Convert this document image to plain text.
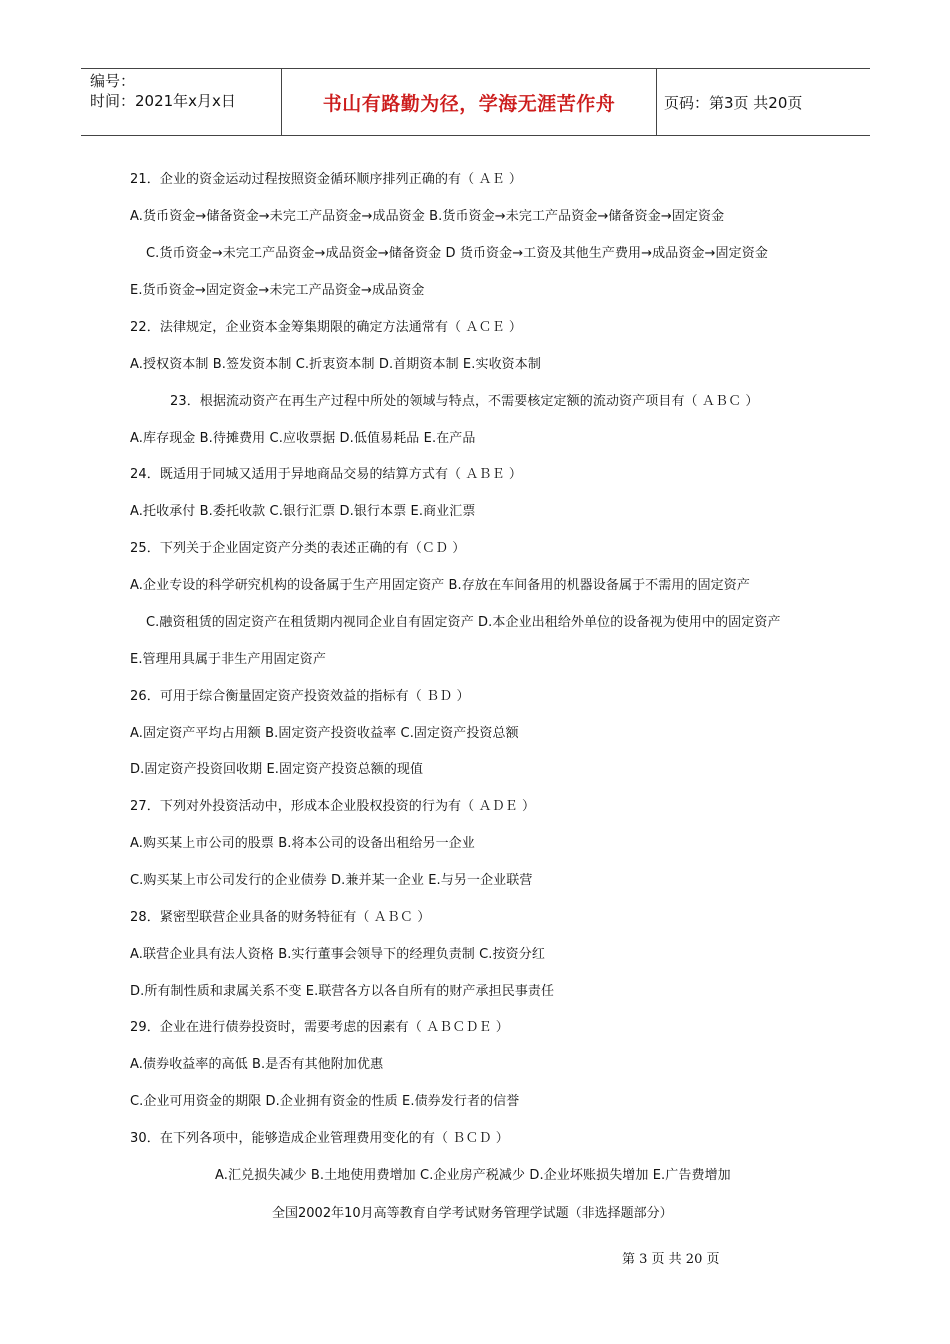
编号：
时间：2021年x月x日	书山有路勤为径，学海无涯苦作舟	页码：第3页 共20页
21．企业的资金运动过程按照资金循环顺序排列正确的有（ ＡＥ ）
A.货币资金→储备资金→未完工产品资金→成品资金 B.货币资金→未完工产品资金→储备资金→固定资金
C.货币资金→未完工产品资金→成品资金→储备资金 D 货币资金→工资及其他生产费用→成品资金→固定资金
E.货币资金→固定资金→未完工产品资金→成品资金
22．法律规定，企业资本金筹集期限的确定方法通常有（ ＡＣＥ ）
A.授权资本制 B.签发资本制 C.折衷资本制 D.首期资本制 E.实收资本制
23．根据流动资产在再生产过程中所处的领域与特点，不需要核定定额的流动资产项目有（ ＡＢＣ ）
A.库存现金 B.待摊费用 C.应收票据 D.低值易耗品 E.在产品
24．既适用于同城又适用于异地商品交易的结算方式有（ ＡＢＥ ）
A.托收承付 B.委托收款 C.银行汇票 D.银行本票 E.商业汇票
25．下列关于企业固定资产分类的表述正确的有（ＣＤ ）
A.企业专设的科学研究机构的设备属于生产用固定资产 B.存放在车间备用的机器设备属于不需用的固定资产
C.融资租赁的固定资产在租赁期内视同企业自有固定资产 D.本企业出租给外单位的设备视为使用中的固定资产
E.管理用具属于非生产用固定资产
26．可用于综合衡量固定资产投资效益的指标有（ ＢＤ ）
A.固定资产平均占用额 B.固定资产投资收益率 C.固定资产投资总额
D.固定资产投资回收期 E.固定资产投资总额的现值
27．下列对外投资活动中，形成本企业股权投资的行为有（ ＡＤＥ ）
A.购买某上市公司的股票 B.将本公司的设备出租给另一企业
C.购买某上市公司发行的企业债券 D.兼并某一企业 E.与另一企业联营
28．紧密型联营企业具备的财务特征有（ ＡＢＣ ）
A.联营企业具有法人资格 B.实行董事会领导下的经理负责制 C.按资分红
D.所有制性质和隶属关系不变 E.联营各方以各自所有的财产承担民事责任
29．企业在进行债券投资时，需要考虑的因素有（ ＡＢＣＤＥ ）
A.债券收益率的高低 B.是否有其他附加优惠
C.企业可用资金的期限 D.企业拥有资金的性质 E.债券发行者的信誉
30．在下列各项中，能够造成企业管理费用变化的有（ ＢＣＤ ）
A.汇兑损失减少 B.土地使用费增加 C.企业房产税减少 D.企业坏账损失增加 E.广告费增加
全国2002年10月高等教育自学考试财务管理学试题（非选择题部分）
第 3 页 共 20 页
